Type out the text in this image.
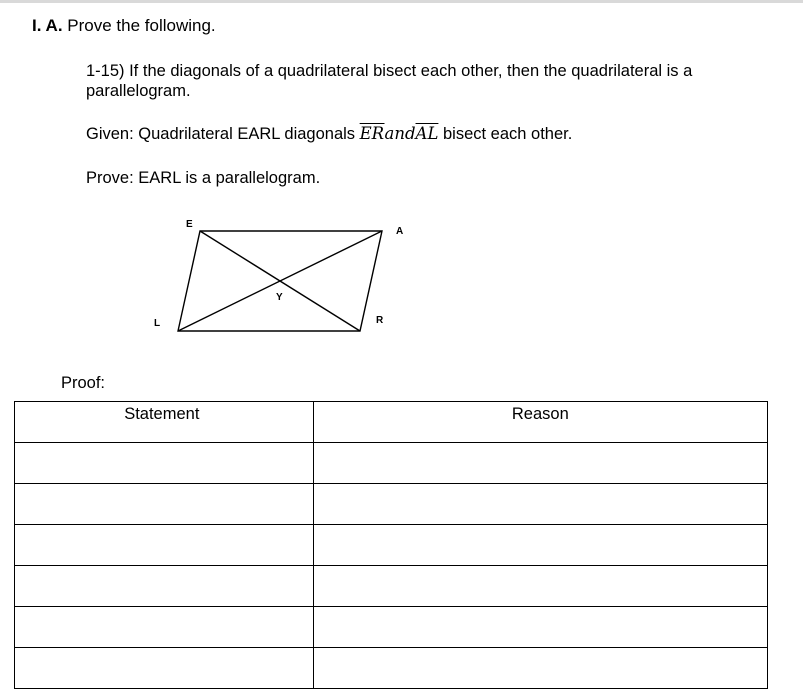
I. A. Prove the following.
1-15) If the diagonals of a quadrilateral bisect each other, then the quadrilateral is a parallelogram.
Given: Quadrilateral EARL diagonals $\overline{ER}and\overline{AL}$ bisect each other.
Prove: EARL is a parallelogram.
E
A
R
L
Y
Proof:
Statement	Reason
